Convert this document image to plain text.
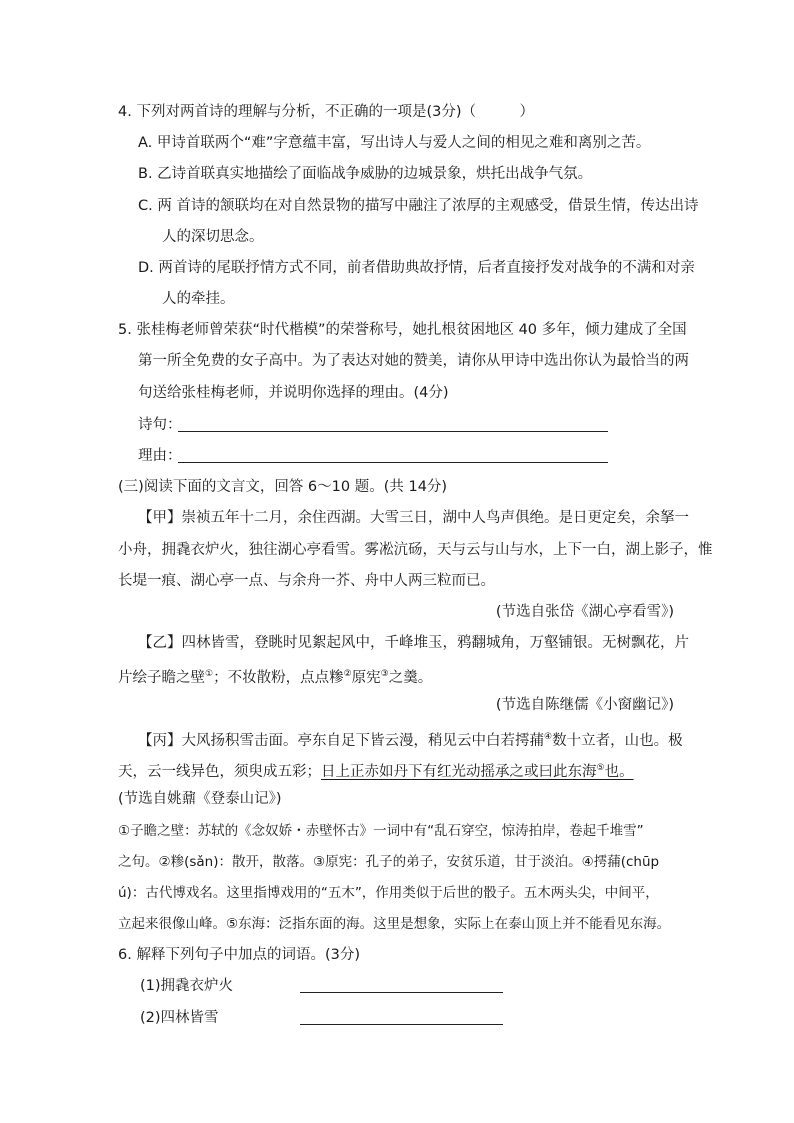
4. 下列对两首诗的理解与分析，不正确的一项是(3分)（　　　）
A. 甲诗首联两个“难”字意蕴丰富，写出诗人与爱人之间的相见之难和离别之苦。
B. 乙诗首联真实地描绘了面临战争威胁的边城景象，烘托出战争气氛。
C. 两 首诗的颔联均在对自然景物的描写中融注了浓厚的主观感受，借景生情，传达出诗
人的深切思念。
D. 两首诗的尾联抒情方式不同，前者借助典故抒情，后者直接抒发对战争的不满和对亲
人的牵挂。
5. 张桂梅老师曾荣获“时代楷模”的荣誉称号，她扎根贫困地区 40 多年，倾力建成了全国
第一所全免费的女子高中。为了表达对她的赞美，请你从甲诗中选出你认为最恰当的两
句送给张桂梅老师，并说明你选择的理由。(4分)
诗句：
理由：
(三)阅读下面的文言文，回答 6～10 题。(共 14分)
【甲】崇祯五年十二月，余住西湖。大雪三日，湖中人鸟声俱绝。是日更定矣，余拏一
小舟，拥毳衣炉火，独往湖心亭看雪。雾凇沆砀，天与云与山与水，上下一白，湖上影子，惟
长堤一痕、湖心亭一点、与余舟一芥、舟中人两三粒而已。
(节选自张岱《湖心亭看雪》)
【乙】四林皆雪，登眺时见絮起风中，千峰堆玉，鸦翻城角，万壑铺银。无树飘花，片
片绘子瞻之壁①；不妆散粉，点点糁②原宪③之羹。
(节选自陈继儒《小窗幽记》)
【丙】大风扬积雪击面。亭东自足下皆云漫，稍见云中白若摴蒱④数十立者，山也。极
天，云一线异色，须臾成五彩；日上正赤如丹下有红光动摇承之或曰此东海⑤也。
(节选自姚鼐《登泰山记》)
①子瞻之壁：苏轼的《念奴娇・赤壁怀古》一词中有“乱石穿空，惊涛拍岸，卷起千堆雪”
之句。②糁(sǎn)：散开，散落。③原宪：孔子的弟子，安贫乐道，甘于淡泊。④摴蒱(chūp
ú)：古代博戏名。这里指博戏用的“五木”，作用类似于后世的骰子。五木两头尖，中间平，
立起来很像山峰。⑤东海：泛指东面的海。这里是想象，实际上在泰山顶上并不能看见东海。
6. 解释下列句子中加点的词语。(3分)
(1)拥毳衣炉火
(2)四林皆雪
